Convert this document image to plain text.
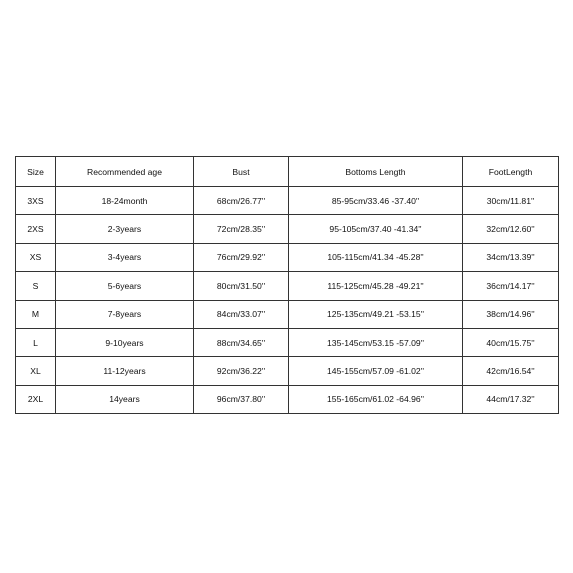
Size	Recommended age	Bust	Bottoms Length	FootLength
3XS	18-24month	68cm/26.77''	85-95cm/33.46 -37.40''	30cm/11.81''
2XS	2-3years	72cm/28.35''	95-105cm/37.40 -41.34''	32cm/12.60''
XS	3-4years	76cm/29.92''	105-115cm/41.34 -45.28''	34cm/13.39''
S	5-6years	80cm/31.50''	115-125cm/45.28 -49.21''	36cm/14.17''
M	7-8years	84cm/33.07''	125-135cm/49.21 -53.15''	38cm/14.96''
L	9-10years	88cm/34.65''	135-145cm/53.15 -57.09''	40cm/15.75''
XL	11-12years	92cm/36.22''	145-155cm/57.09 -61.02''	42cm/16.54''
2XL	14years	96cm/37.80''	155-165cm/61.02 -64.96''	44cm/17.32''
